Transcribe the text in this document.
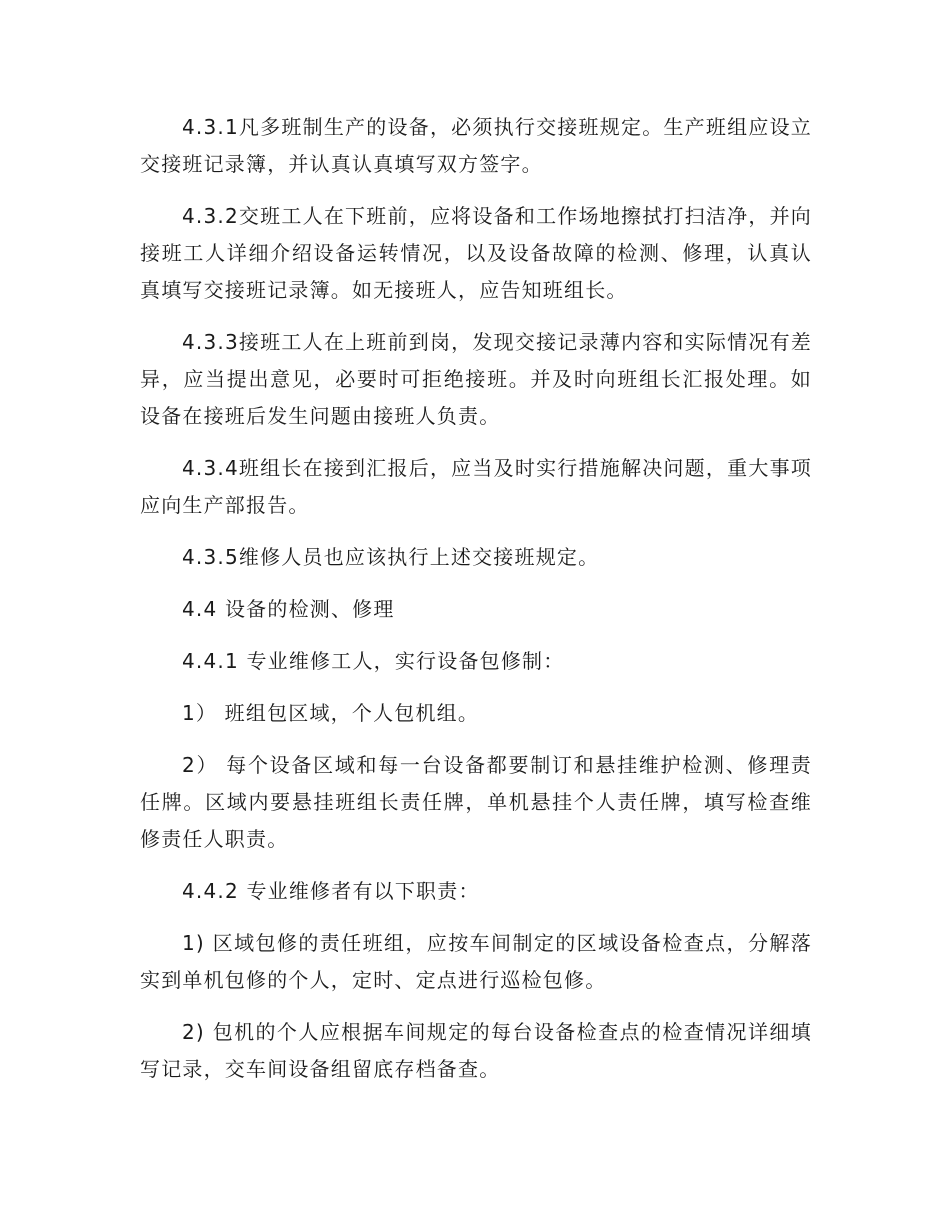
4.3.1凡多班制生产的设备，必须执行交接班规定。生产班组应设立交接班记录簿，并认真认真填写双方签字。

4.3.2交班工人在下班前，应将设备和工作场地擦拭打扫洁净，并向接班工人详细介绍设备运转情况，以及设备故障的检测、修理，认真认真填写交接班记录簿。如无接班人，应告知班组长。

4.3.3接班工人在上班前到岗，发现交接记录薄内容和实际情况有差异，应当提出意见，必要时可拒绝接班。并及时向班组长汇报处理。如设备在接班后发生问题由接班人负责。

4.3.4班组长在接到汇报后，应当及时实行措施解决问题，重大事项应向生产部报告。

4.3.5维修人员也应该执行上述交接班规定。

4.4 设备的检测、修理

4.4.1 专业维修工人，实行设备包修制：

1） 班组包区域，个人包机组。

2） 每个设备区域和每一台设备都要制订和悬挂维护检测、修理责任牌。区域内要悬挂班组长责任牌，单机悬挂个人责任牌，填写检查维修责任人职责。

4.4.2 专业维修者有以下职责：

1) 区域包修的责任班组，应按车间制定的区域设备检查点，分解落实到单机包修的个人，定时、定点进行巡检包修。

2) 包机的个人应根据车间规定的每台设备检查点的检查情况详细填写记录，交车间设备组留底存档备查。
